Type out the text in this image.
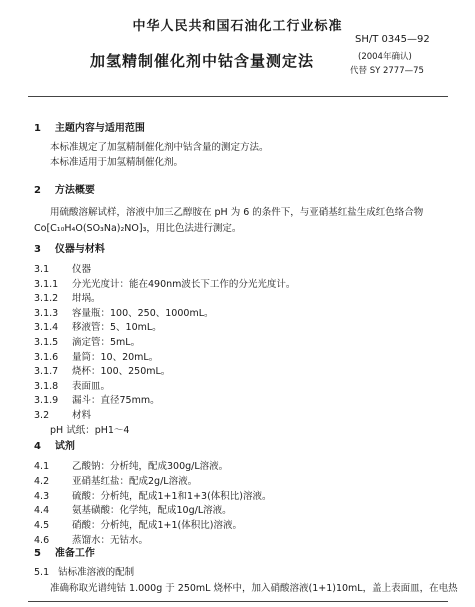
中华人民共和国石油化工行业标准
加氢精制催化剂中钴含量测定法
SH/T 0345—92
(2004年确认)
代替 SY 2777—75
1 主题内容与适用范围
本标准规定了加氢精制催化剂中钴含量的测定方法。
本标准适用于加氢精制催化剂。
2 方法概要
用硫酸溶解试样，溶液中加三乙醇胺在 pH 为 6 的条件下，与亚硝基红盐生成红色络合物
Co[C₁₀H₄O(SO₃Na)₂NO]₃，用比色法进行测定。
3 仪器与材料
3.1 仪器
3.1.1 分光光度计：能在490nm波长下工作的分光光度计。
3.1.2 坩埚。
3.1.3 容量瓶：100、250、1000mL。
3.1.4 移液管：5、10mL。
3.1.5 滴定管：5mL。
3.1.6 量筒：10、20mL。
3.1.7 烧杯：100、250mL。
3.1.8 表面皿。
3.1.9 漏斗：直径75mm。
3.2 材料
pH 试纸：pH1～4
4 试剂
4.1 乙酸钠：分析纯，配成300g/L溶液。
4.2 亚硝基红盐：配成2g/L溶液。
4.3 硫酸：分析纯，配成1+1和1+3(体积比)溶液。
4.4 氨基磺酸：化学纯，配成10g/L溶液。
4.5 硝酸：分析纯，配成1+1(体积比)溶液。
4.6 蒸馏水：无钴水。
5 准备工作
5.1 钴标准溶液的配制
准确称取光谱纯钴 1.000g 于 250mL 烧杯中，加入硝酸溶液(1+1)10mL，盖上表面皿，在电热
